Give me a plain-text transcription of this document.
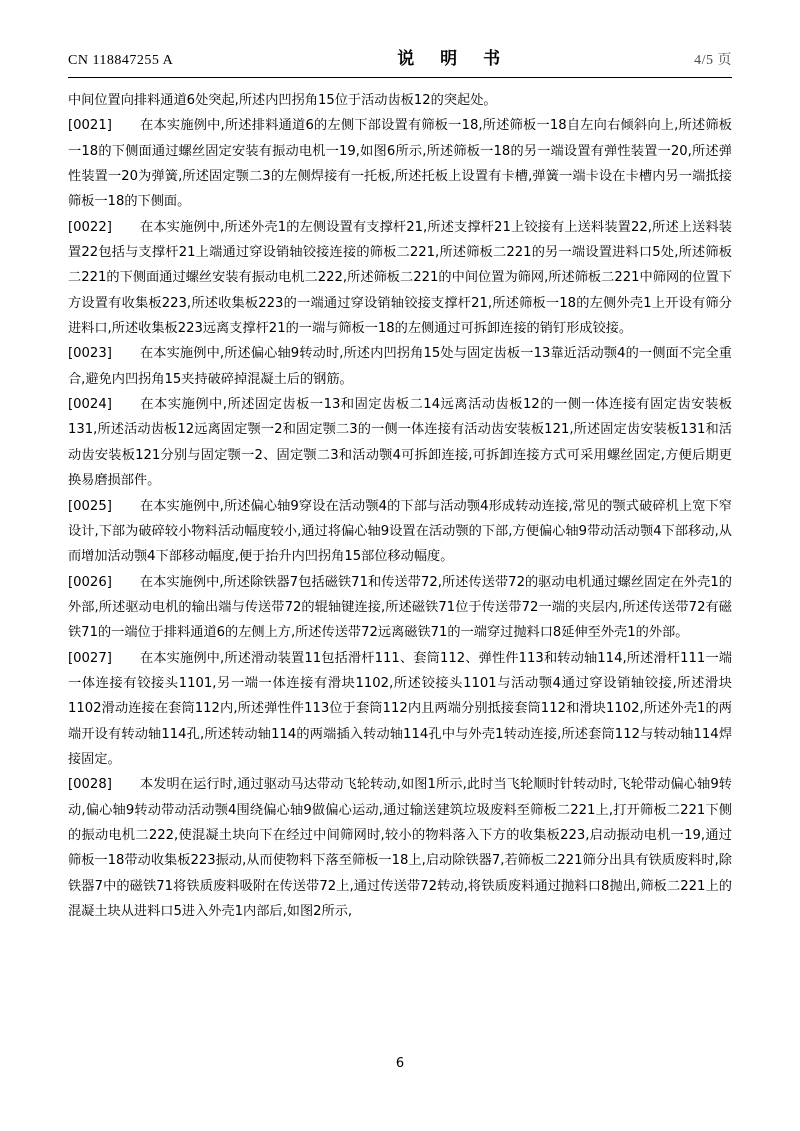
CN 118847255 A	说 明 书	4/5 页

中间位置向排料通道6处突起,所述内凹拐角15位于活动齿板12的突起处。

[0021] 在本实施例中,所述排料通道6的左侧下部设置有筛板一18,所述筛板一18自左向右倾斜向上,所述筛板一18的下侧面通过螺丝固定安装有振动电机一19,如图6所示,所述筛板一18的另一端设置有弹性装置一20,所述弹性装置一20为弹簧,所述固定颚二3的左侧焊接有一托板,所述托板上设置有卡槽,弹簧一端卡设在卡槽内另一端抵接筛板一18的下侧面。

[0022] 在本实施例中,所述外壳1的左侧设置有支撑杆21,所述支撑杆21上铰接有上送料装置22,所述上送料装置22包括与支撑杆21上端通过穿设销轴铰接连接的筛板二221,所述筛板二221的另一端设置进料口5处,所述筛板二221的下侧面通过螺丝安装有振动电机二222,所述筛板二221的中间位置为筛网,所述筛板二221中筛网的位置下方设置有收集板223,所述收集板223的一端通过穿设销轴铰接支撑杆21,所述筛板一18的左侧外壳1上开设有筛分进料口,所述收集板223远离支撑杆21的一端与筛板一18的左侧通过可拆卸连接的销钉形成铰接。

[0023] 在本实施例中,所述偏心轴9转动时,所述内凹拐角15处与固定齿板一13靠近活动颚4的一侧面不完全重合,避免内凹拐角15夹持破碎掉混凝土后的钢筋。

[0024] 在本实施例中,所述固定齿板一13和固定齿板二14远离活动齿板12的一侧一体连接有固定齿安装板131,所述活动齿板12远离固定颚一2和固定颚二3的一侧一体连接有活动齿安装板121,所述固定齿安装板131和活动齿安装板121分别与固定颚一2、固定颚二3和活动颚4可拆卸连接,可拆卸连接方式可采用螺丝固定,方便后期更换易磨损部件。

[0025] 在本实施例中,所述偏心轴9穿设在活动颚4的下部与活动颚4形成转动连接,常见的颚式破碎机上宽下窄设计,下部为破碎较小物料活动幅度较小,通过将偏心轴9设置在活动颚的下部,方便偏心轴9带动活动颚4下部移动,从而增加活动颚4下部移动幅度,便于抬升内凹拐角15部位移动幅度。

[0026] 在本实施例中,所述除铁器7包括磁铁71和传送带72,所述传送带72的驱动电机通过螺丝固定在外壳1的外部,所述驱动电机的输出端与传送带72的辊轴键连接,所述磁铁71位于传送带72一端的夹层内,所述传送带72有磁铁71的一端位于排料通道6的左侧上方,所述传送带72远离磁铁71的一端穿过抛料口8延伸至外壳1的外部。

[0027] 在本实施例中,所述滑动装置11包括滑杆111、套筒112、弹性件113和转动轴114,所述滑杆111一端一体连接有铰接头1101,另一端一体连接有滑块1102,所述铰接头1101与活动颚4通过穿设销轴铰接,所述滑块1102滑动连接在套筒112内,所述弹性件113位于套筒112内且两端分别抵接套筒112和滑块1102,所述外壳1的两端开设有转动轴114孔,所述转动轴114的两端插入转动轴114孔中与外壳1转动连接,所述套筒112与转动轴114焊接固定。

[0028] 本发明在运行时,通过驱动马达带动飞轮转动,如图1所示,此时当飞轮顺时针转动时,飞轮带动偏心轴9转动,偏心轴9转动带动活动颚4围绕偏心轴9做偏心运动,通过输送建筑垃圾废料至筛板二221上,打开筛板二221下侧的振动电机二222,使混凝土块向下在经过中间筛网时,较小的物料落入下方的收集板223,启动振动电机一19,通过筛板一18带动收集板223振动,从而使物料下落至筛板一18上,启动除铁器7,若筛板二221筛分出具有铁质废料时,除铁器7中的磁铁71将铁质废料吸附在传送带72上,通过传送带72转动,将铁质废料通过抛料口8抛出,筛板二221上的混凝土块从进料口5进入外壳1内部后,如图2所示,

6
